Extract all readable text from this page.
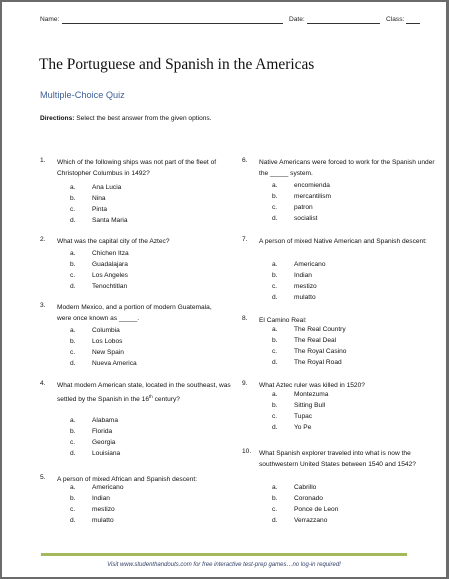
Name:	Date:	Class:
The Portuguese and Spanish in the Americas
Multiple-Choice Quiz
Directions: Select the best answer from the given options.
1. Which of the following ships was not part of the fleet of Christopher Columbus in 1492?
a.	Ana Lucia
b.	Nina
c.	Pinta
d.	Santa Maria
2. What was the capital city of the Aztec?
a.	Chichen Itza
b.	Guadalajara
c.	Los Angeles
d.	Tenochtitlan
3. Modern Mexico, and a portion of modern Guatemala, were once known as _____.
a.	Columbia
b.	Los Lobos
c.	New Spain
d.	Nueva America
4. What modern American state, located in the southeast, was settled by the Spanish in the 16th century?
a.	Alabama
b.	Florida
c.	Georgia
d.	Louisiana
5. A person of mixed African and Spanish descent:
a.	Americano
b.	Indian
c.	mestizo
d.	mulatto
6. Native Americans were forced to work for the Spanish under the _____ system.
a.	encomienda
b.	mercantilism
c.	patron
d.	socialist
7. A person of mixed Native American and Spanish descent:
a.	Americano
b.	Indian
c.	mestizo
d.	mulatto
8. El Camino Real:
a.	The Real Country
b.	The Real Deal
c.	The Royal Casino
d.	The Royal Road
9. What Aztec ruler was killed in 1520?
a.	Montezuma
b.	Sitting Bull
c.	Tupac
d.	Yo Pe
10. What Spanish explorer traveled into what is now the southwestern United States between 1540 and 1542?
a.	Cabrillo
b.	Coronado
c.	Ponce de Leon
d.	Verrazzano
Visit www.studenthandouts.com for free interactive test-prep games…no log-in required!
